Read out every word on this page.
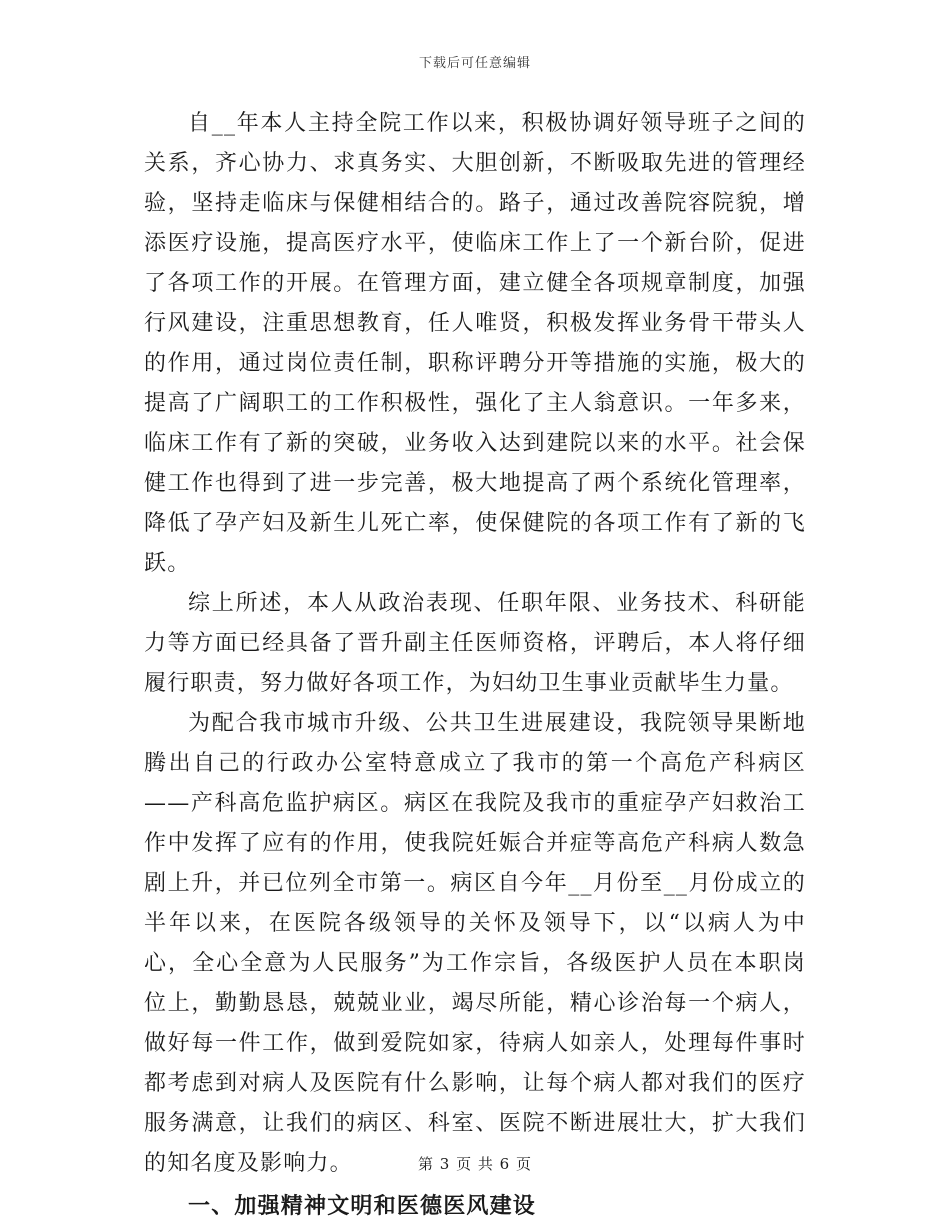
下载后可任意编辑

自__年本人主持全院工作以来，积极协调好领导班子之间的关系，齐心协力、求真务实、大胆创新，不断吸取先进的管理经验，坚持走临床与保健相结合的。路子，通过改善院容院貌，增添医疗设施，提高医疗水平，使临床工作上了一个新台阶，促进了各项工作的开展。在管理方面，建立健全各项规章制度，加强行风建设，注重思想教育，任人唯贤，积极发挥业务骨干带头人的作用，通过岗位责任制，职称评聘分开等措施的实施，极大的提高了广阔职工的工作积极性，强化了主人翁意识。一年多来，临床工作有了新的突破，业务收入达到建院以来的水平。社会保健工作也得到了进一步完善，极大地提高了两个系统化管理率，降低了孕产妇及新生儿死亡率，使保健院的各项工作有了新的飞跃。

综上所述，本人从政治表现、任职年限、业务技术、科研能力等方面已经具备了晋升副主任医师资格，评聘后，本人将仔细履行职责，努力做好各项工作，为妇幼卫生事业贡献毕生力量。

为配合我市城市升级、公共卫生进展建设，我院领导果断地腾出自己的行政办公室特意成立了我市的第一个高危产科病区——产科高危监护病区。病区在我院及我市的重症孕产妇救治工作中发挥了应有的作用，使我院妊娠合并症等高危产科病人数急剧上升，并已位列全市第一。病区自今年__月份至__月份成立的半年以来，在医院各级领导的关怀及领导下，以“以病人为中心，全心全意为人民服务”为工作宗旨，各级医护人员在本职岗位上，勤勤恳恳，兢兢业业，竭尽所能，精心诊治每一个病人，做好每一件工作，做到爱院如家，待病人如亲人，处理每件事时都考虑到对病人及医院有什么影响，让每个病人都对我们的医疗服务满意，让我们的病区、科室、医院不断进展壮大，扩大我们的知名度及影响力。

一、加强精神文明和医德医风建设

第 3 页 共 6 页
